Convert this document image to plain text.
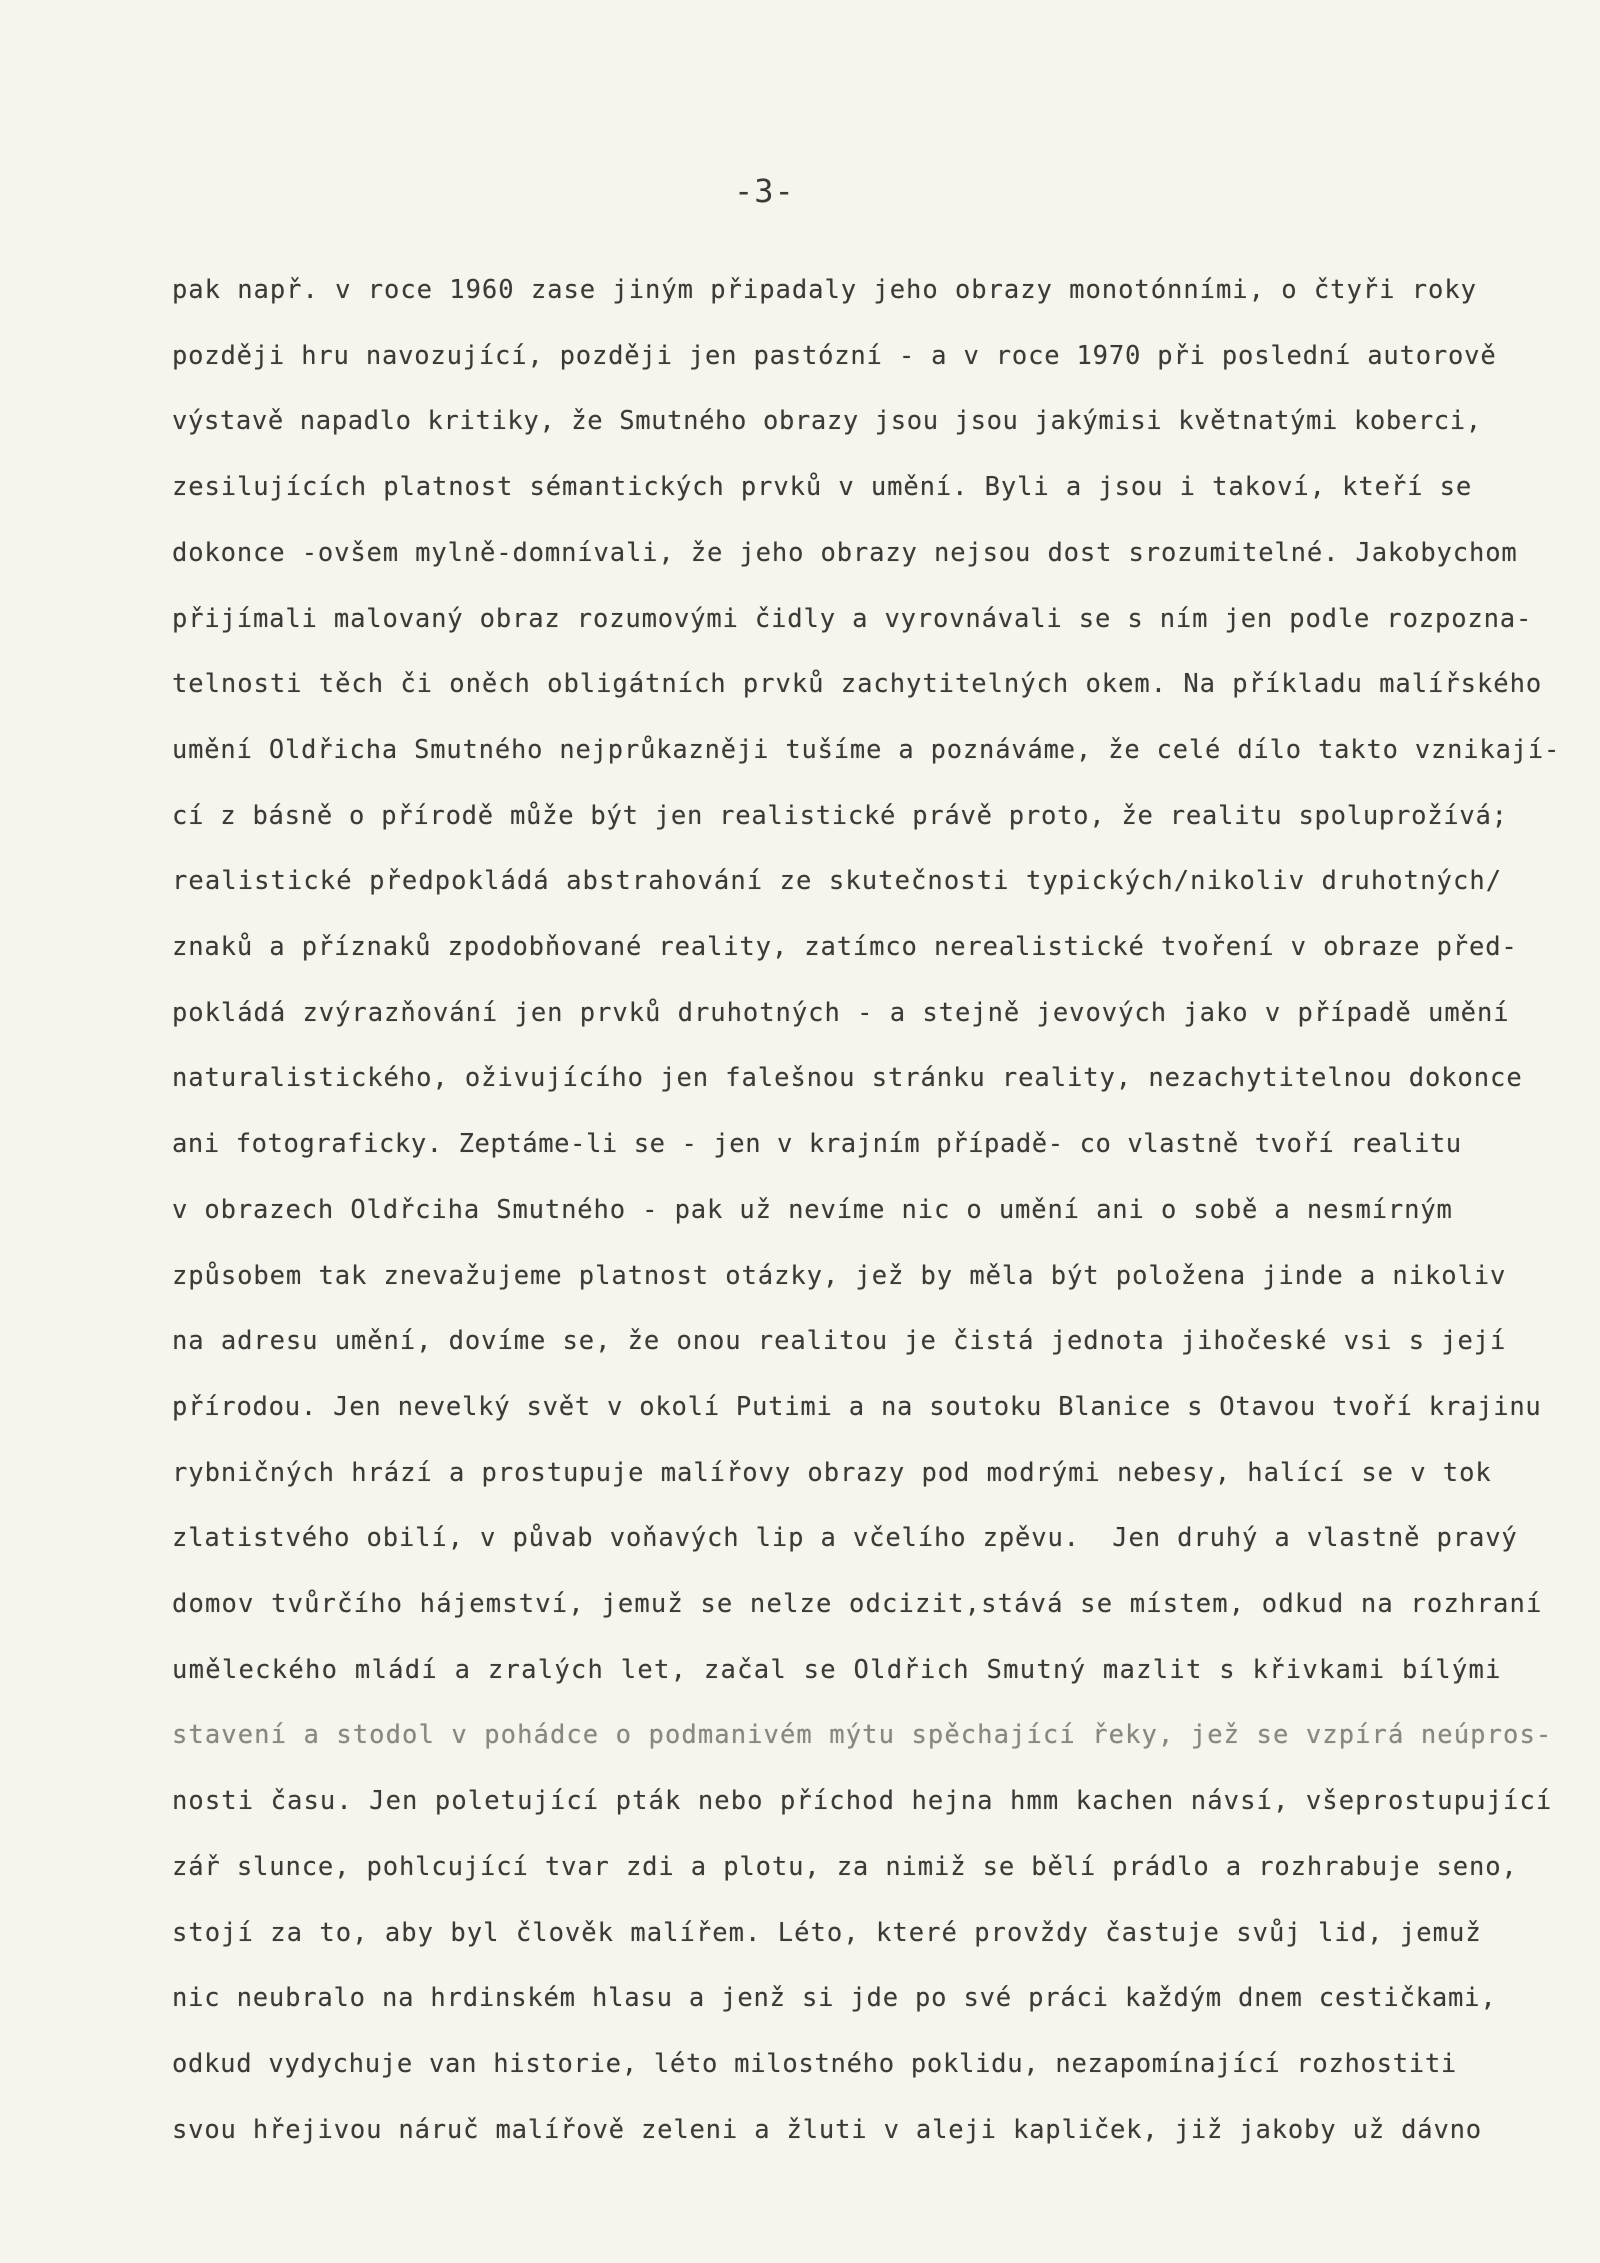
-3-
pak např. v roce 1960 zase jiným připadaly jeho obrazy monotónními, o čtyři roky
později hru navozující, později jen pastózní - a v roce 1970 při poslední autorově
výstavě napadlo kritiky, že Smutného obrazy jsou jsou jakýmisi květnatými koberci,
zesilujících platnost sémantických prvků v umění. Byli a jsou i takoví, kteří se
dokonce -ovšem mylně-domnívali, že jeho obrazy nejsou dost srozumitelné. Jakobychom
přijímali malovaný obraz rozumovými čidly a vyrovnávali se s ním jen podle rozpozna-
telnosti těch či oněch obligátních prvků zachytitelných okem. Na příkladu malířského
umění Oldřicha Smutného nejprůkazněji tušíme a poznáváme, že celé dílo takto vznikají-
cí z básně o přírodě může být jen realistické právě proto, že realitu spoluprožívá;
realistické předpokládá abstrahování ze skutečnosti typických/nikoliv druhotných/
znaků a příznaků zpodobňované reality, zatímco nerealistické tvoření v obraze před-
pokládá zvýrazňování jen prvků druhotných - a stejně jevových jako v případě umění
naturalistického, oživujícího jen falešnou stránku reality, nezachytitelnou dokonce
ani fotograficky. Zeptáme-li se - jen v krajním případě- co vlastně tvoří realitu
v obrazech Oldřciha Smutného - pak už nevíme nic o umění ani o sobě a nesmírným
způsobem tak znevažujeme platnost otázky, jež by měla být položena jinde a nikoliv
na adresu umění, dovíme se, že onou realitou je čistá jednota jihočeské vsi s její
přírodou. Jen nevelký svět v okolí Putimi a na soutoku Blanice s Otavou tvoří krajinu
rybničných hrází a prostupuje malířovy obrazy pod modrými nebesy, halící se v tok
zlatistvého obilí, v půvab voňavých lip a včelího zpěvu.  Jen druhý a vlastně pravý
domov tvůrčího hájemství, jemuž se nelze odcizit,stává se místem, odkud na rozhraní
uměleckého mládí a zralých let, začal se Oldřich Smutný mazlit s křivkami bílými
stavení a stodol v pohádce o podmanivém mýtu spěchající řeky, jež se vzpírá neúpros-
nosti času. Jen poletující pták nebo příchod hejna hmm kachen návsí, všeprostupující
zář slunce, pohlcující tvar zdi a plotu, za nimiž se bělí prádlo a rozhrabuje seno,
stojí za to, aby byl člověk malířem. Léto, které provždy častuje svůj lid, jemuž
nic neubralo na hrdinském hlasu a jenž si jde po své práci každým dnem cestičkami,
odkud vydychuje van historie, léto milostného poklidu, nezapomínající rozhostiti
svou hřejivou náruč malířově zeleni a žluti v aleji kapliček, již jakoby už dávno
